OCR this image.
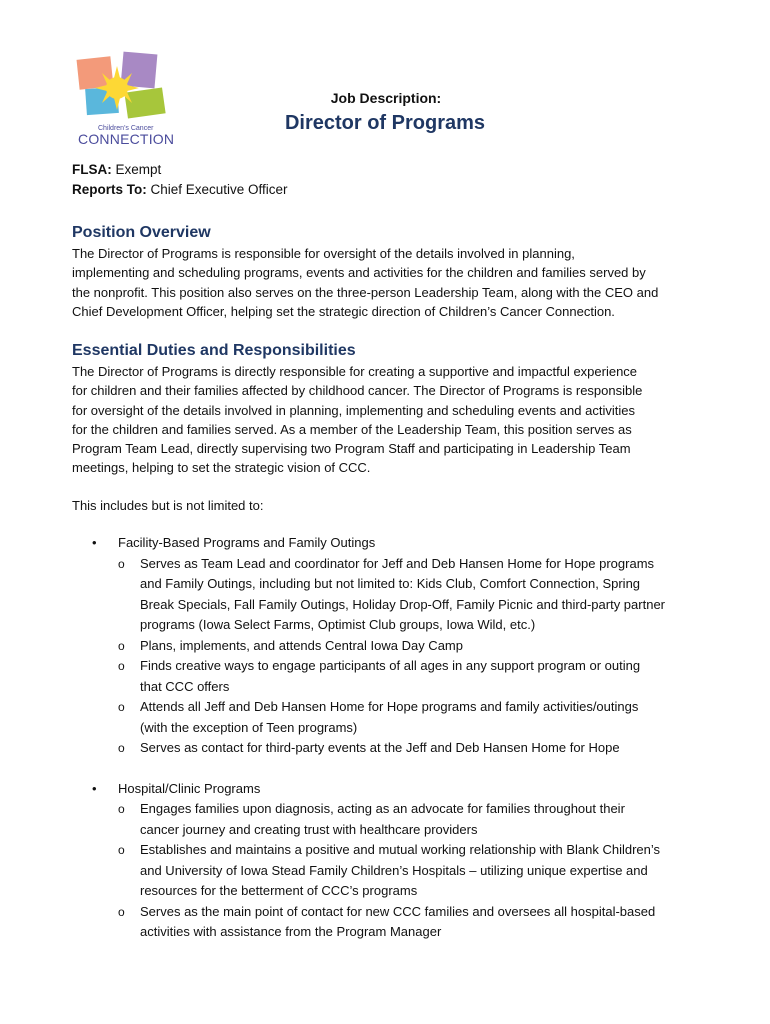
Children's Cancer
CONNECTION
Job Description:
Director of Programs
FLSA: Exempt
Reports To: Chief Executive Officer
Position Overview

The Director of Programs is responsible for oversight of the details involved in planning,

implementing and scheduling programs, events and activities for the children and families served by

the nonprofit. This position also serves on the three-person Leadership Team, along with the CEO and

Chief Development Officer, helping set the strategic direction of Children’s Cancer Connection.

Essential Duties and Responsibilities

The Director of Programs is directly responsible for creating a supportive and impactful experience

for children and their families affected by childhood cancer. The Director of Programs is responsible

for oversight of the details involved in planning, implementing and scheduling events and activities

for the children and families served. As a member of the Leadership Team, this position serves as

Program Team Lead, directly supervising two Program Staff and participating in Leadership Team

meetings, helping to set the strategic vision of CCC.

This includes but is not limited to:

• Facility-Based Programs and Family Outings
o Serves as Team Lead and coordinator for Jeff and Deb Hansen Home for Hope programs
and Family Outings, including but not limited to: Kids Club, Comfort Connection, Spring
Break Specials, Fall Family Outings, Holiday Drop-Off, Family Picnic and third-party partner
programs (Iowa Select Farms, Optimist Club groups, Iowa Wild, etc.)
o Plans, implements, and attends Central Iowa Day Camp
o Finds creative ways to engage participants of all ages in any support program or outing
that CCC offers
o Attends all Jeff and Deb Hansen Home for Hope programs and family activities/outings
(with the exception of Teen programs)
o Serves as contact for third-party events at the Jeff and Deb Hansen Home for Hope
• Hospital/Clinic Programs
o Engages families upon diagnosis, acting as an advocate for families throughout their
cancer journey and creating trust with healthcare providers
o Establishes and maintains a positive and mutual working relationship with Blank Children’s
and University of Iowa Stead Family Children’s Hospitals – utilizing unique expertise and
resources for the betterment of CCC’s programs
o Serves as the main point of contact for new CCC families and oversees all hospital-based
activities with assistance from the Program Manager
